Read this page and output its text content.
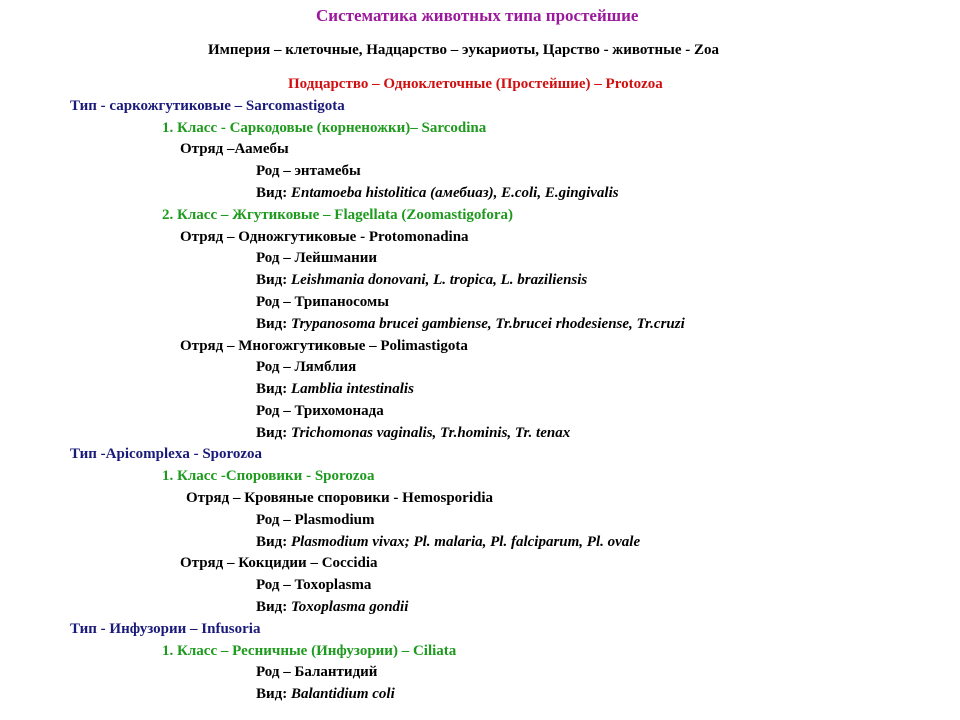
Систематика животных типа простейшие
Империя – клеточные, Надцарство – эукариоты, Царство - животные - Zoa
Подцарство – Одноклеточные (Простейшие) – Protozoa
Тип - саркожгутиковые – Sarcomastigota
1. Класс - Саркодовые (корненожки)– Sarcodina
Отряд –Аамебы
Род – энтамебы
Вид: Entamoeba histolitica (амебиаз), E.coli, E.gingivalis
2. Класс – Жгутиковые – Flagellata (Zoomastigofora)
Отряд – Одножгутиковые - Protomonadina
Род – Лейшмании
Вид: Leishmania donovani, L. tropica, L. braziliensis
Род – Трипаносомы
Вид: Trypanosoma brucei gambiense, Tr.brucei rhodesiense, Tr.cruzi
Отряд – Многожгутиковые – Polimastigota
Род – Лямблия
Вид: Lamblia intestinalis
Род – Трихомонада
Вид: Trichomonas vaginalis, Tr.hominis, Tr. tenax
Тип -Apicomplexa - Sporozoa
1. Класс -Споровики - Sporozoa
Отряд – Кровяные споровики - Hemosporidia
Род – Plasmodium
Вид: Plasmodium vivax; Pl. malaria, Pl. falciparum, Pl. ovale
Отряд – Кокцидии – Coccidia
Род – Toxoplasma
Вид: Toxoplasma gondii
Тип - Инфузории – Infusoria
1. Класс – Ресничные (Инфузории) – Ciliata
Род – Балантидий
Вид: Balantidium coli
